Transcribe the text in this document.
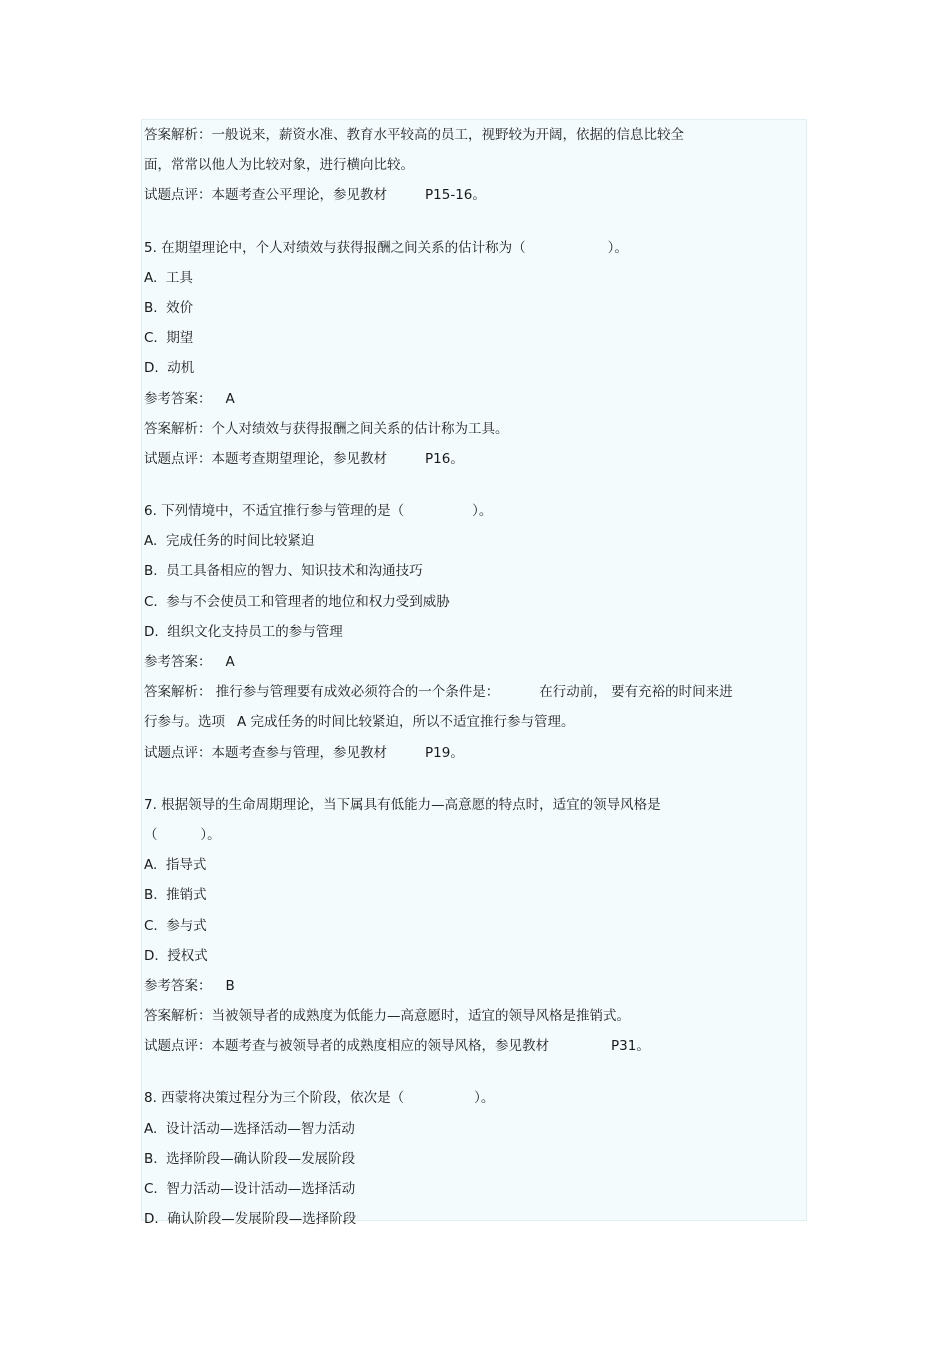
答案解析：一般说来，薪资水准、教育水平较高的员工，视野较为开阔，依据的信息比较全
面，常常以他人为比较对象，进行横向比较。
试题点评：本题考查公平理论，参见教材	P15-16。
5. 在期望理论中，个人对绩效与获得报酬之间关系的估计称为（	）。
A. 工具
B. 效价
C. 期望
D. 动机
参考答案： A
答案解析：个人对绩效与获得报酬之间关系的估计称为工具。
试题点评：本题考查期望理论，参见教材	P16。
6. 下列情境中，不适宜推行参与管理的是（	）。
A. 完成任务的时间比较紧迫
B. 员工具备相应的智力、知识技术和沟通技巧
C. 参与不会使员工和管理者的地位和权力受到威胁
D. 组织文化支持员工的参与管理
参考答案： A
答案解析： 推行参与管理要有成效必须符合的一个条件是：	在行动前， 要有充裕的时间来进
行参与。选项 A 完成任务的时间比较紧迫，所以不适宜推行参与管理。
试题点评：本题考查参与管理，参见教材	P19。
7. 根据领导的生命周期理论，当下属具有低能力—高意愿的特点时，适宜的领导风格是
（          ）。
A. 指导式
B. 推销式
C. 参与式
D. 授权式
参考答案： B
答案解析：当被领导者的成熟度为低能力—高意愿时，适宜的领导风格是推销式。
试题点评：本题考查与被领导者的成熟度相应的领导风格，参见教材	P31。
8. 西蒙将决策过程分为三个阶段，依次是（	）。
A. 设计活动—选择活动—智力活动
B. 选择阶段—确认阶段—发展阶段
C. 智力活动—设计活动—选择活动
D. 确认阶段—发展阶段—选择阶段
